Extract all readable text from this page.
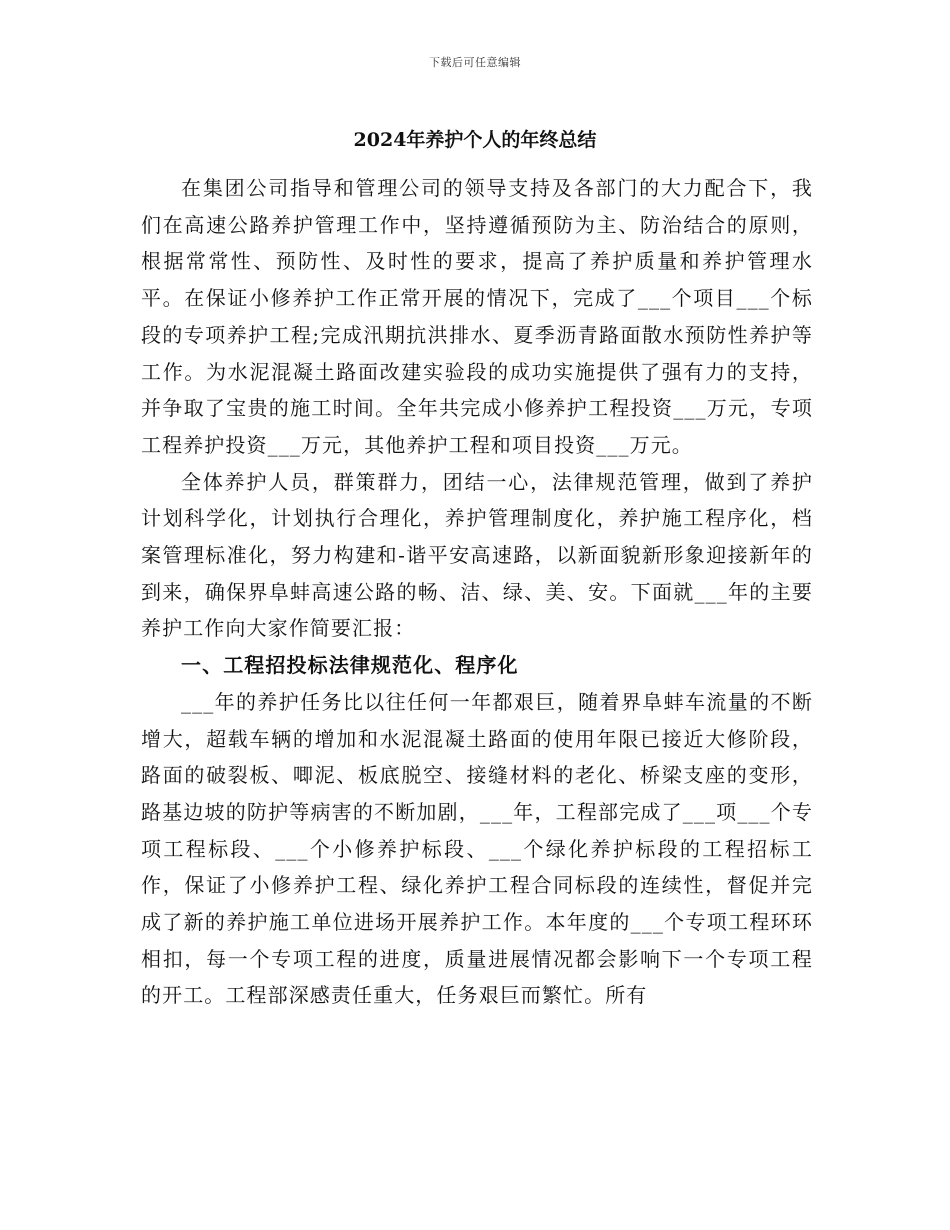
下载后可任意编辑
2024年养护个人的年终总结

在集团公司指导和管理公司的领导支持及各部门的大力配合下，我们在高速公路养护管理工作中，坚持遵循预防为主、防治结合的原则，根据常常性、预防性、及时性的要求，提高了养护质量和养护管理水平。在保证小修养护工作正常开展的情况下，完成了___个项目___个标段的专项养护工程;完成汛期抗洪排水、夏季沥青路面散水预防性养护等工作。为水泥混凝土路面改建实验段的成功实施提供了强有力的支持，并争取了宝贵的施工时间。全年共完成小修养护工程投资___万元，专项工程养护投资___万元，其他养护工程和项目投资___万元。

全体养护人员，群策群力，团结一心，法律规范管理，做到了养护计划科学化，计划执行合理化，养护管理制度化，养护施工程序化，档案管理标准化，努力构建和-谐平安高速路，以新面貌新形象迎接新年的到来，确保界阜蚌高速公路的畅、洁、绿、美、安。下面就___年的主要养护工作向大家作简要汇报：

一、工程招投标法律规范化、程序化

___年的养护任务比以往任何一年都艰巨，随着界阜蚌车流量的不断增大，超载车辆的增加和水泥混凝土路面的使用年限已接近大修阶段，路面的破裂板、唧泥、板底脱空、接缝材料的老化、桥梁支座的变形，路基边坡的防护等病害的不断加剧，___年，工程部完成了___项___个专项工程标段、___个小修养护标段、___个绿化养护标段的工程招标工作，保证了小修养护工程、绿化养护工程合同标段的连续性，督促并完成了新的养护施工单位进场开展养护工作。本年度的___个专项工程环环相扣，每一个专项工程的进度，质量进展情况都会影响下一个专项工程的开工。工程部深感责任重大，任务艰巨而繁忙。所有
